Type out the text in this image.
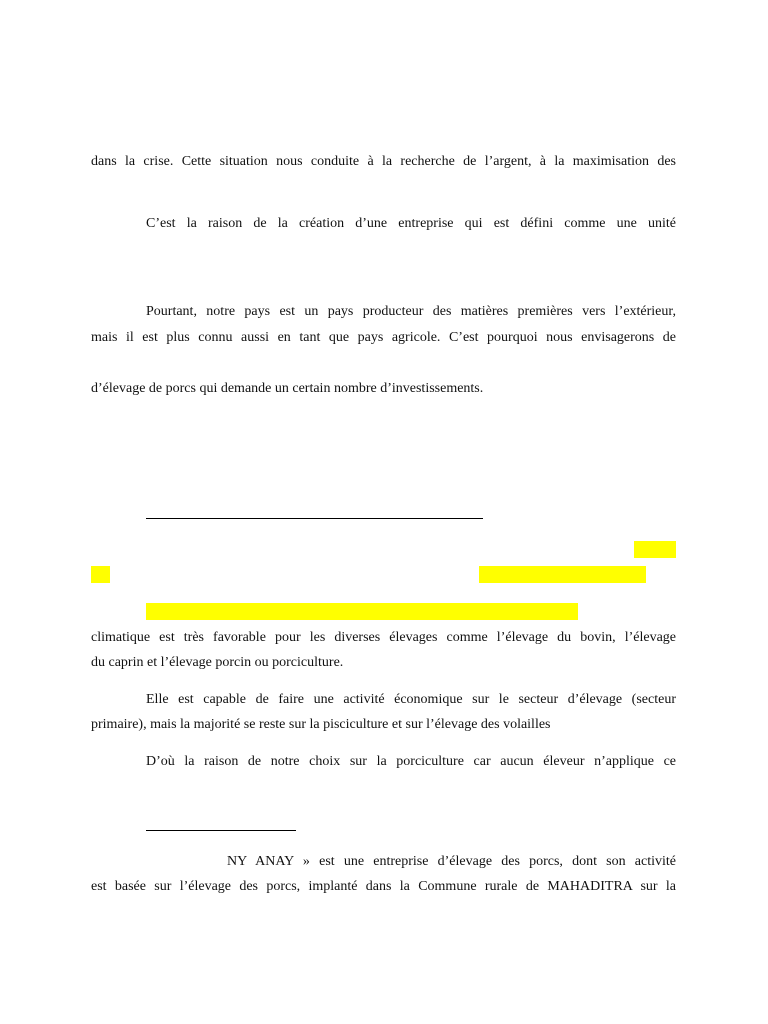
dans la crise. Cette situation nous conduite à la recherche de l’argent, à la maximisation des
C’est la raison de la création d’une entreprise qui est défini comme une unité
Pourtant, notre pays est un pays producteur des matières premières vers l’extérieur,
mais il est plus connu aussi en tant que pays agricole. C’est pourquoi nous envisagerons de
d’élevage de porcs qui demande un certain nombre d’investissements.
climatique est très favorable pour les diverses élevages comme l’élevage du bovin, l’élevage
du caprin et l’élevage porcin ou porciculture.
Elle est capable de faire une activité économique sur le secteur d’élevage (secteur
primaire), mais la majorité se reste sur la pisciculture et sur l’élevage des volailles
D’où la raison de notre choix sur la porciculture car aucun éleveur n’applique ce
NY ANAY » est une entreprise d’élevage des porcs, dont son activité
est basée sur l’élevage des porcs, implanté dans la Commune rurale de MAHADITRA sur la
